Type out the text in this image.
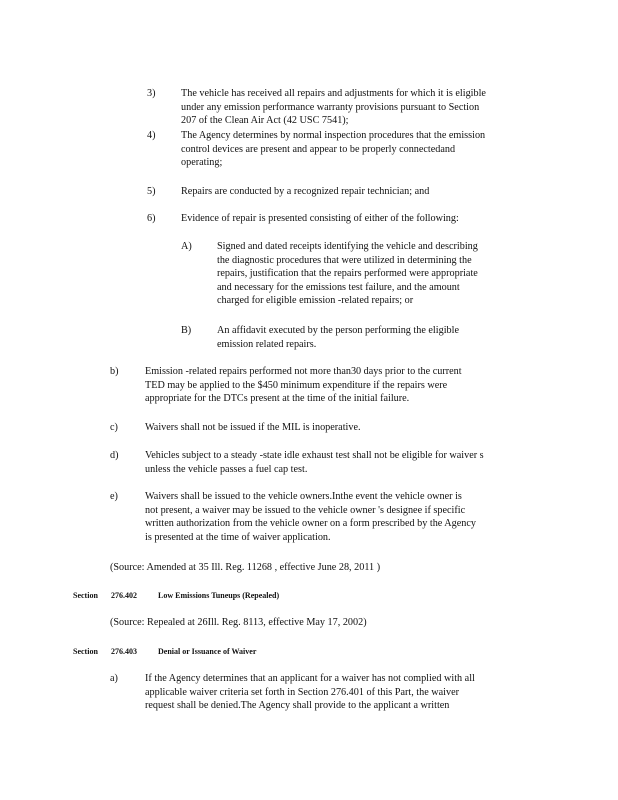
3)	The vehicle has received all repairs and adjustments for which it is eligible
under any emission performance warranty provisions pursuant to Section
207 of the Clean Air Act (42 USC 7541);
4)	The Agency determines by normal inspection procedures that the emission
control devices are present and appear to be properly connectedand
operating;
5)	Repairs are conducted by a recognized repair technician; and
6)	Evidence of repair is presented consisting of either of the following:
A) Signed and dated receipts identifying the vehicle and describing
the diagnostic procedures that were utilized in determining the
repairs, justification that the repairs performed were appropriate
and necessary for the emissions test failure, and the amount
charged for eligible emission -related repairs; or
B)	An affidavit executed by the person performing the eligible
emission related repairs.
b)	Emission -related repairs performed not more than30 days prior to the current
TED may be applied to the $450 minimum expenditure if the repairs were
appropriate for the DTCs present at the time of the initial failure.
c)	Waivers shall not be issued if the MIL is inoperative.
d)	Vehicles subject to a steady -state idle exhaust test shall not be eligible for waiver s
unless the vehicle passes a fuel cap test.
e)	Waivers shall be issued to the vehicle owners.Inthe event the vehicle owner is
not present, a waiver may be issued to the vehicle owner 's designee if specific
written authorization from the vehicle owner on a form prescribed by the Agency
is presented at the time of waiver application.
(Source: Amended at 35 Ill. Reg. 11268 , effective June 28, 2011 )
Section 276.402	Low Emissions Tuneups (Repealed)
(Source: Repealed at 26Ill. Reg. 8113, effective May 17, 2002)
Section 276.403	Denial or Issuance of Waiver
a)	If the Agency determines that an applicant for a waiver has not complied with all
applicable waiver criteria set forth in Section 276.401 of this Part, the waiver
request shall be denied.The Agency shall provide to the applicant a written
